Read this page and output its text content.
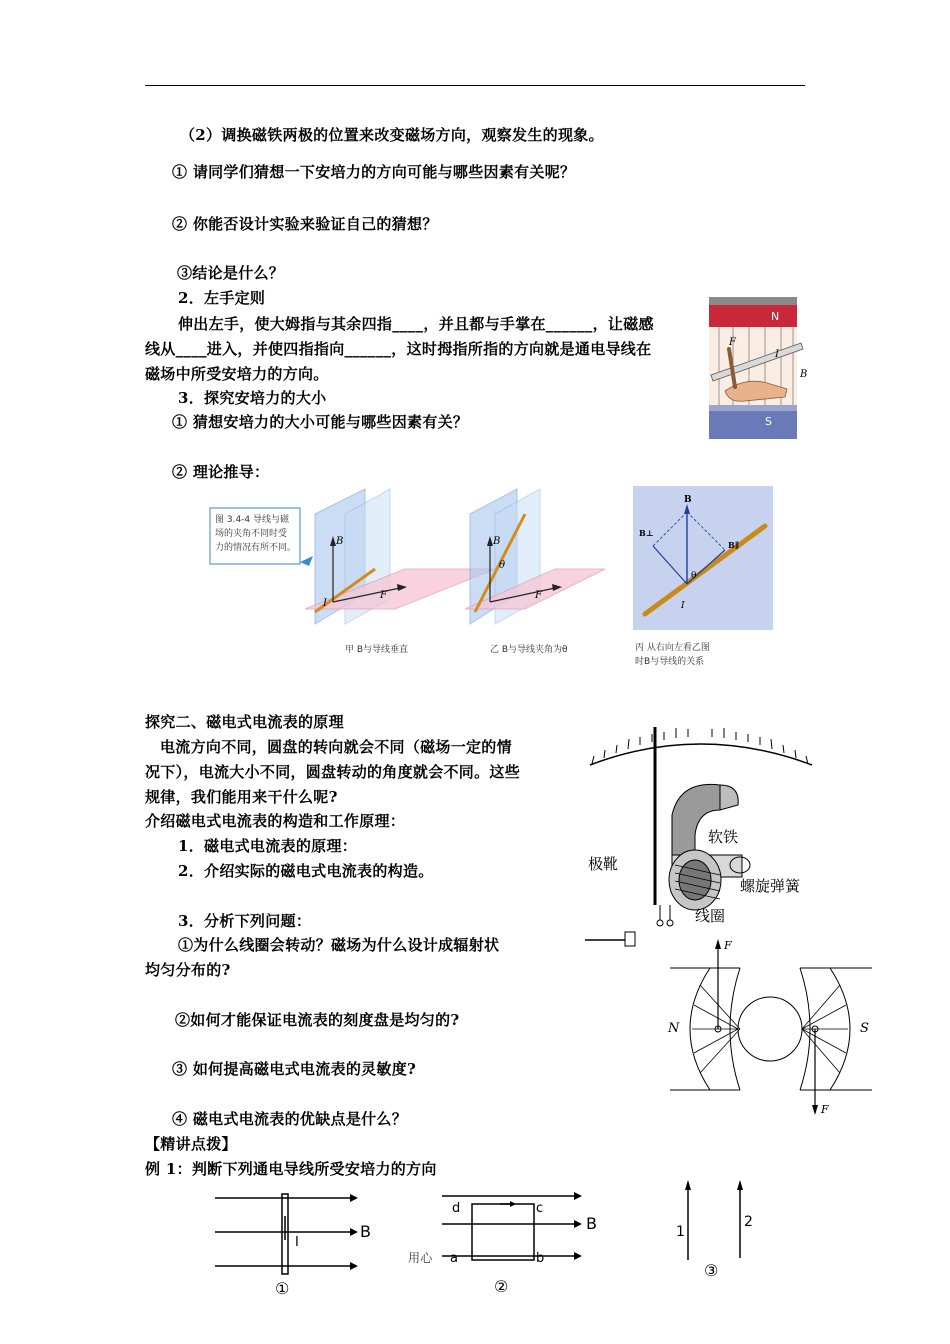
（2）调换磁铁两极的位置来改变磁场方向，观察发生的现象。
① 请同学们猜想一下安培力的方向可能与哪些因素有关呢？
② 你能否设计实验来验证自己的猜想？
③结论是什么？
2．左手定则
伸出左手，使大姆指与其余四指____，并且都与手掌在______，让磁感
线从____进入，并使四指指向______，这时拇指所指的方向就是通电导线在
磁场中所受安培力的方向。
3．探究安培力的大小
① 猜想安培力的大小可能与哪些因素有关？
② 理论推导：
N
F
I
B
S
图 3.4-4 导线与磁
场的夹角不同时受
力的情况有所不同。
B
I
F
甲 B与导线垂直
B
θ
F
乙 B与导线夹角为θ
B
B⊥
B∥
θ
I
丙 从右向左看乙图
时B与导线的关系
探究二、磁电式电流表的原理
电流方向不同，圆盘的转向就会不同（磁场一定的情
况下），电流大小不同，圆盘转动的角度就会不同。这些
规律，我们能用来干什么呢?
介绍磁电式电流表的构造和工作原理：
1．磁电式电流表的原理：
2．介绍实际的磁电式电流表的构造。
3．分析下列问题：
①为什么线圈会转动？磁场为什么设计成辐射状
均匀分布的?
②如何才能保证电流表的刻度盘是均匀的?
③ 如何提高磁电式电流表的灵敏度?
④ 磁电式电流表的优缺点是什么？
【精讲点拨】
例 1：判断下列通电导线所受安培力的方向
软铁
极靴
螺旋弹簧
线圈
N	S
F
F
B
I
①
d	c
a	b
B
②
1
2
③
用心
